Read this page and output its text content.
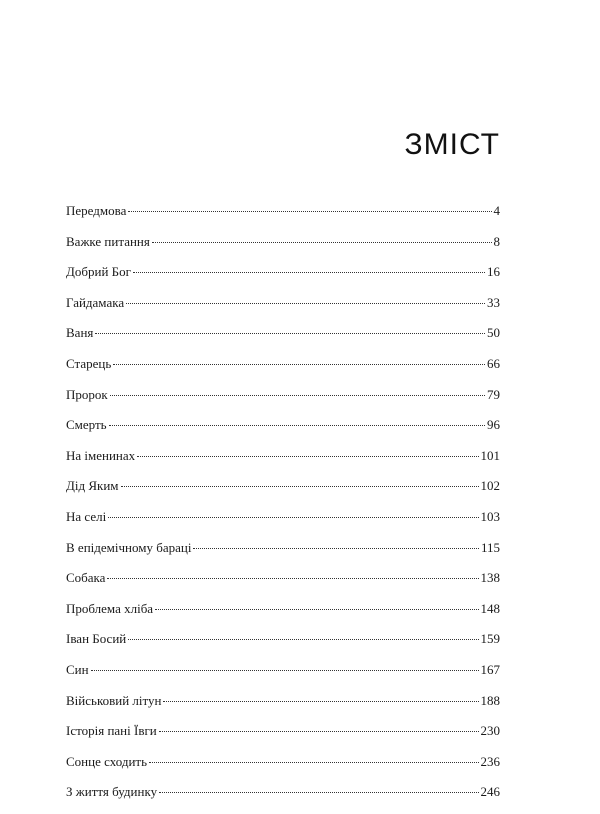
ЗМІСТ
Передмова	4
Важке питання	8
Добрий Бог	16
Гайдамака	33
Ваня	50
Старець	66
Пророк	79
Смерть	96
На іменинах	101
Дід Яким	102
На селі	103
В епідемічному бараці	115
Собака	138
Проблема хліба	148
Іван Босий	159
Син	167
Військовий літун	188
Історія пані Ївги	230
Сонце сходить	236
З життя будинку	246
